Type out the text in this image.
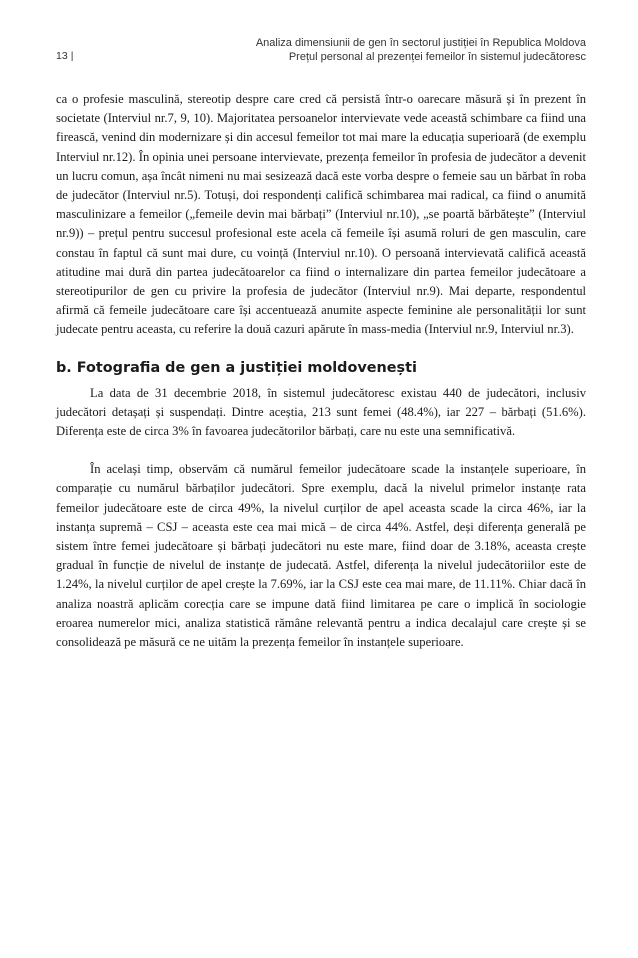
13 |
Analiza dimensiunii de gen în sectorul justiției în Republica Moldova
Prețul personal al prezenței femeilor în sistemul judecătoresc

ca o profesie masculină, stereotip despre care cred că persistă într-o oarecare măsură și în prezent în societate (Interviul nr.7, 9, 10). Majoritatea persoanelor intervievate vede această schimbare ca fiind una firească, venind din modernizare și din accesul femeilor tot mai mare la educația superioară (de exemplu Interviul nr.12). În opinia unei persoane intervievate, prezența femeilor în profesia de judecător a devenit un lucru comun, așa încât nimeni nu mai sesizează dacă este vorba despre o femeie sau un bărbat în roba de judecător (Interviul nr.5). Totuși, doi respondenți califică schimbarea mai radical, ca fiind o anumită masculinizare a femeilor („femeile devin mai bărbați” (Interviul nr.10), „se poartă bărbătește” (Interviul nr.9)) – prețul pentru succesul profesional este acela că femeile își asumă roluri de gen masculin, care constau în faptul că sunt mai dure, cu voință (Interviul nr.10). O persoană intervievată califică această atitudine mai dură din partea judecătoarelor ca fiind o internalizare din partea femeilor judecătoare a stereotipurilor de gen cu privire la profesia de judecător (Interviul nr.9). Mai departe, respondentul afirmă că femeile judecătoare care își accentuează anumite aspecte feminine ale personalității lor sunt judecate pentru aceasta, cu referire la două cazuri apărute în mass-media (Interviul nr.9, Interviul nr.3).

b. Fotografia de gen a justiției moldovenești

La data de 31 decembrie 2018, în sistemul judecătoresc existau 440 de judecători, inclusiv judecători detașați și suspendați. Dintre aceștia, 213 sunt femei (48.4%), iar 227 – bărbați (51.6%). Diferența este de circa 3% în favoarea judecătorilor bărbați, care nu este una semnificativă.

În același timp, observăm că numărul femeilor judecătoare scade la instanțele superioare, în comparație cu numărul bărbaților judecători. Spre exemplu, dacă la nivelul primelor instanțe rata femeilor judecătoare este de circa 49%, la nivelul curților de apel aceasta scade la circa 46%, iar la instanța supremă – CSJ – aceasta este cea mai mică – de circa 44%. Astfel, deși diferența generală pe sistem între femei judecătoare și bărbați judecători nu este mare, fiind doar de 3.18%, aceasta crește gradual în funcție de nivelul de instanțe de judecată. Astfel, diferența la nivelul judecătoriilor este de 1.24%, la nivelul curților de apel crește la 7.69%, iar la CSJ este cea mai mare, de 11.11%. Chiar dacă în analiza noastră aplicăm corecția care se impune dată fiind limitarea pe care o implică în sociologie eroarea numerelor mici, analiza statistică rămâne relevantă pentru a indica decalajul care crește și se consolidează pe măsură ce ne uităm la prezența femeilor în instanțele superioare.
